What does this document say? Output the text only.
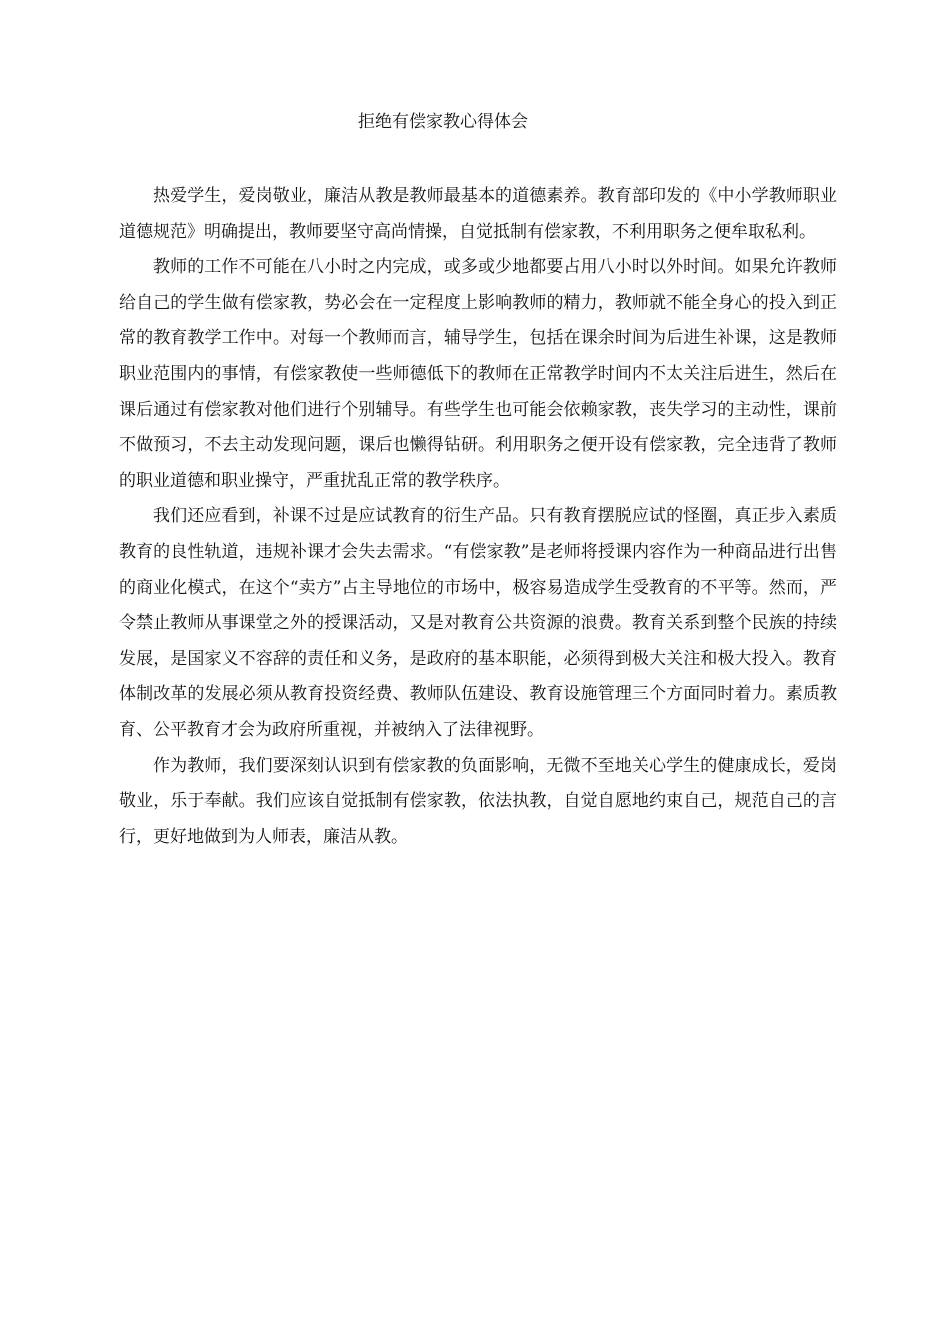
拒绝有偿家教心得体会

热爱学生，爱岗敬业，廉洁从教是教师最基本的道德素养。教育部印发的《中小学教师职业道德规范》明确提出，教师要坚守高尚情操，自觉抵制有偿家教，不利用职务之便牟取私利。

教师的工作不可能在八小时之内完成，或多或少地都要占用八小时以外时间。如果允许教师给自己的学生做有偿家教，势必会在一定程度上影响教师的精力，教师就不能全身心的投入到正常的教育教学工作中。对每一个教师而言，辅导学生，包括在课余时间为后进生补课，这是教师职业范围内的事情，有偿家教使一些师德低下的教师在正常教学时间内不太关注后进生，然后在课后通过有偿家教对他们进行个别辅导。有些学生也可能会依赖家教，丧失学习的主动性，课前不做预习，不去主动发现问题，课后也懒得钻研。利用职务之便开设有偿家教，完全违背了教师的职业道德和职业操守，严重扰乱正常的教学秩序。

我们还应看到，补课不过是应试教育的衍生产品。只有教育摆脱应试的怪圈，真正步入素质教育的良性轨道，违规补课才会失去需求。“有偿家教”是老师将授课内容作为一种商品进行出售的商业化模式，在这个“卖方”占主导地位的市场中，极容易造成学生受教育的不平等。然而，严令禁止教师从事课堂之外的授课活动，又是对教育公共资源的浪费。教育关系到整个民族的持续发展，是国家义不容辞的责任和义务，是政府的基本职能，必须得到极大关注和极大投入。教育体制改革的发展必须从教育投资经费、教师队伍建设、教育设施管理三个方面同时着力。素质教育、公平教育才会为政府所重视，并被纳入了法律视野。

作为教师，我们要深刻认识到有偿家教的负面影响，无微不至地关心学生的健康成长，爱岗敬业，乐于奉献。我们应该自觉抵制有偿家教，依法执教，自觉自愿地约束自己，规范自己的言行，更好地做到为人师表，廉洁从教。
